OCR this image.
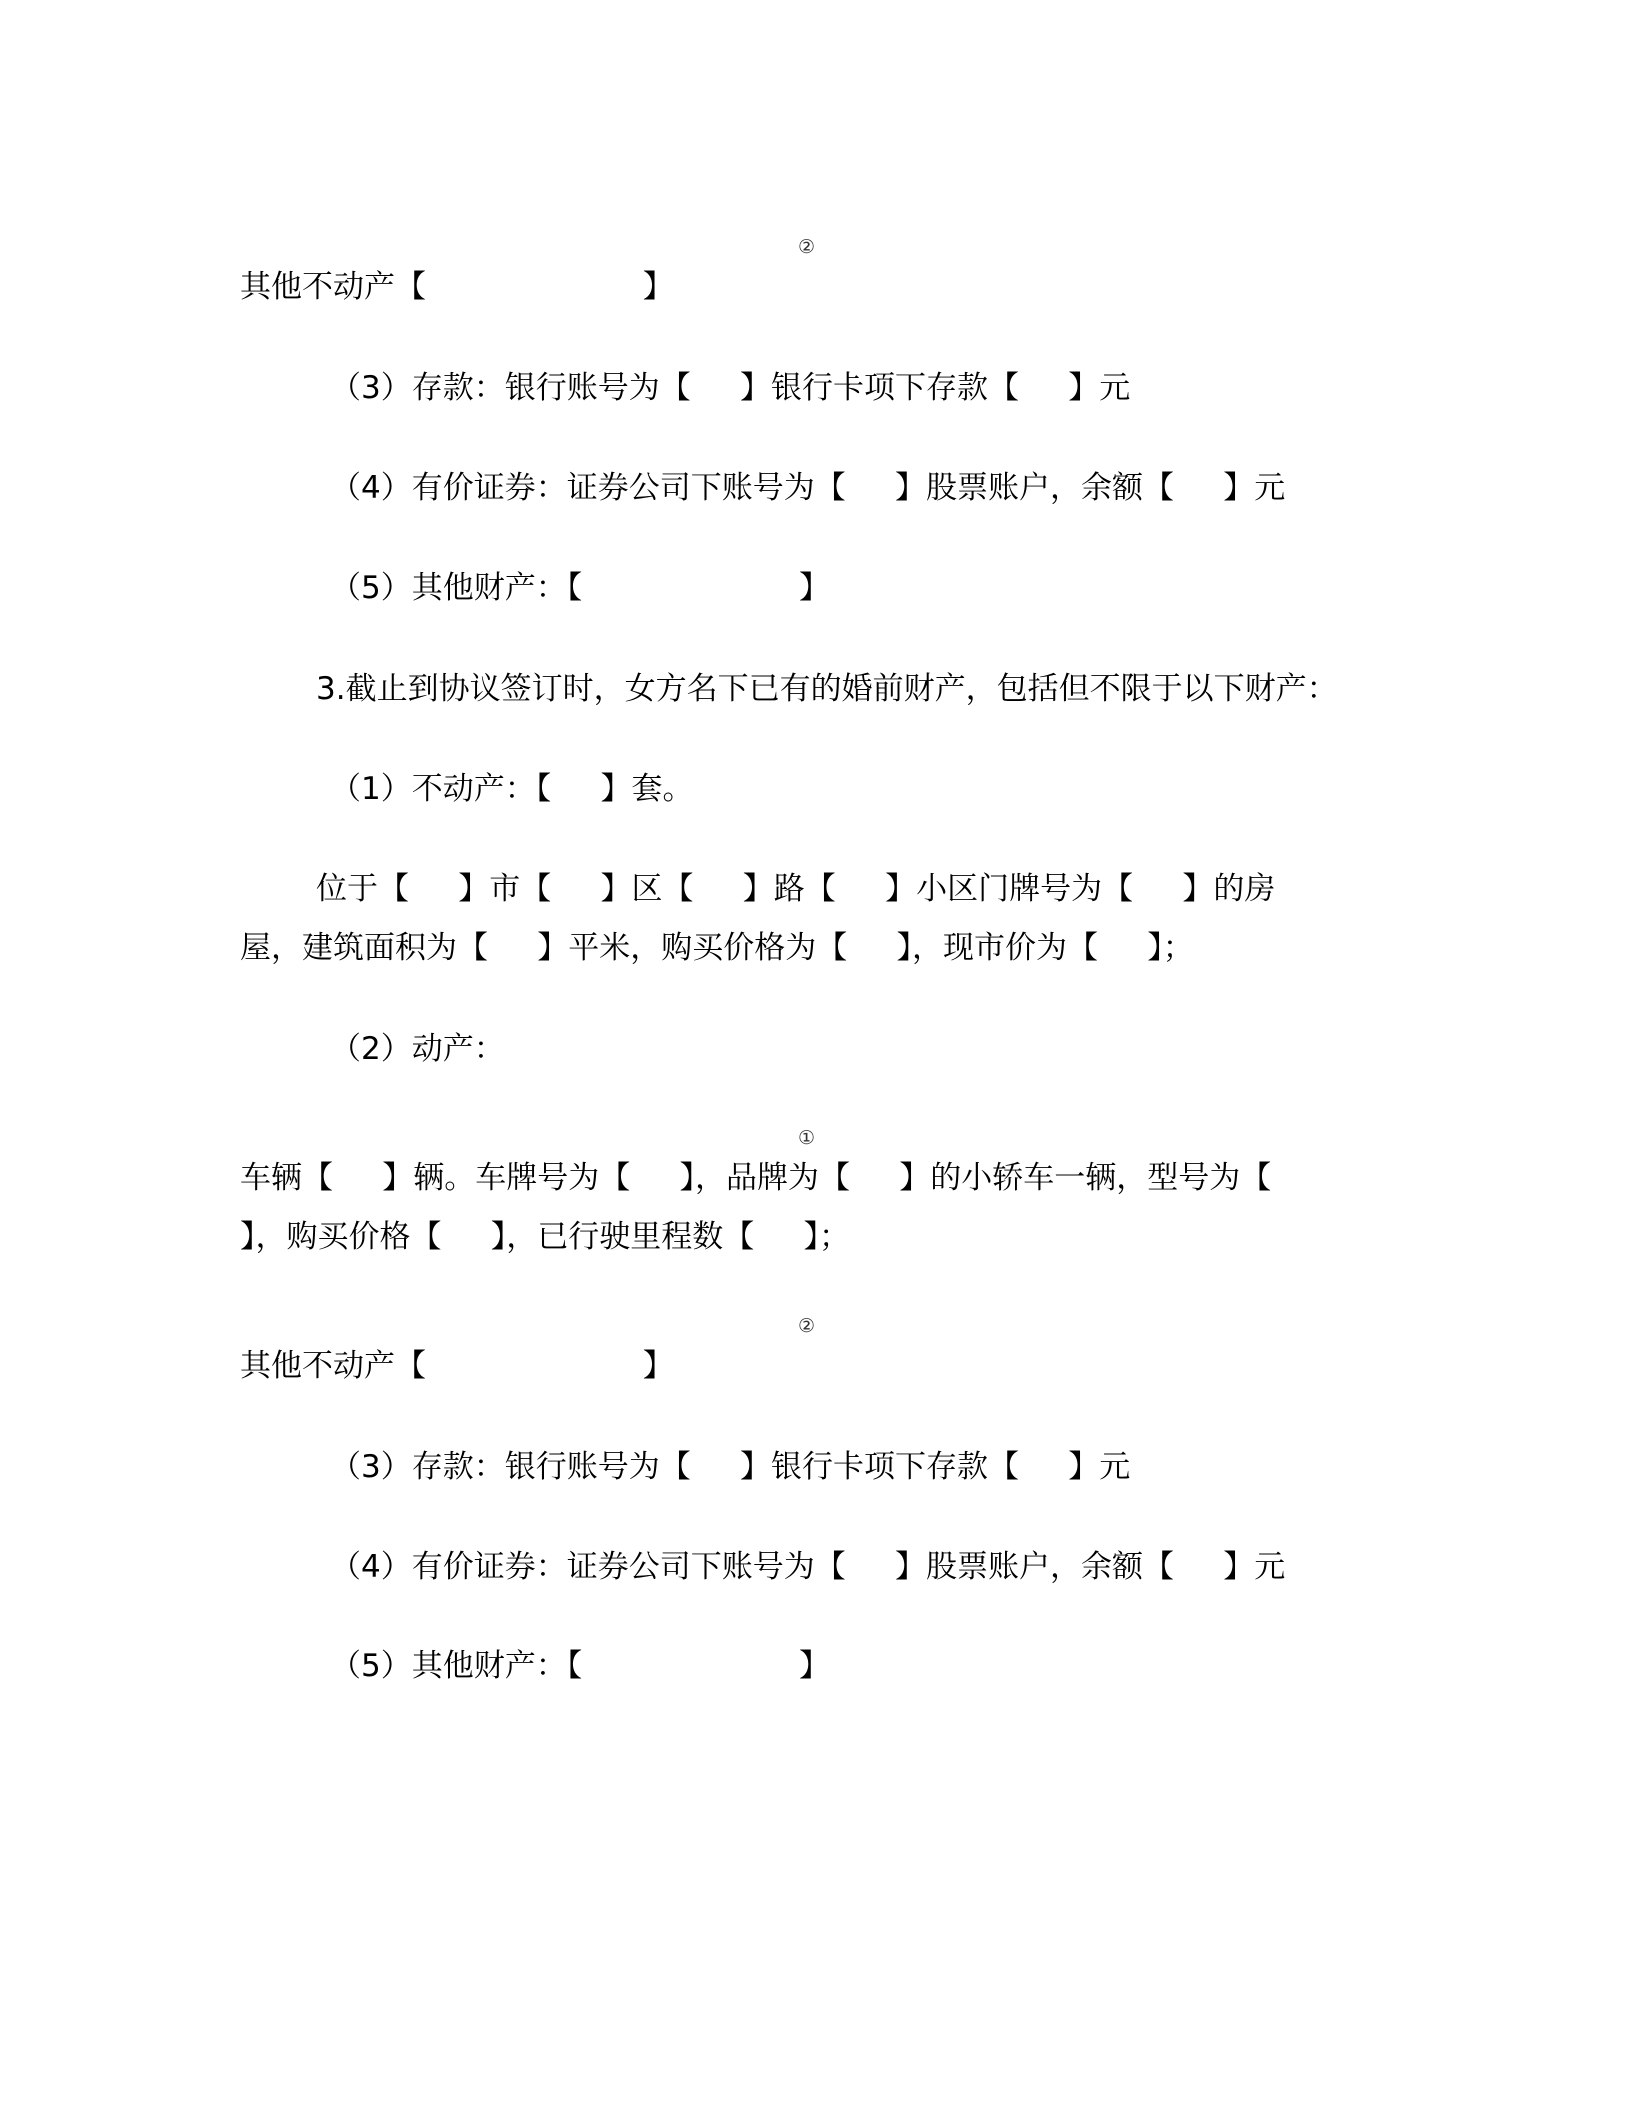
②
其他不动产【                      】
（3）存款：银行账号为【     】银行卡项下存款【     】元
（4）有价证券：证券公司下账号为【     】股票账户，余额【     】元
（5）其他财产：【                      】
3.截止到协议签订时，女方名下已有的婚前财产，包括但不限于以下财产：
（1）不动产：【     】套。
位于【     】市【     】区【     】路【     】小区门牌号为【     】的房
屋，建筑面积为【     】平米，购买价格为【     】，现市价为【     】；
（2）动产：
①
车辆【     】辆。车牌号为【     】，品牌为【     】的小轿车一辆，型号为【
】，购买价格【     】，已行驶里程数【     】；
②
其他不动产【                      】
（3）存款：银行账号为【     】银行卡项下存款【     】元
（4）有价证券：证券公司下账号为【     】股票账户，余额【     】元
（5）其他财产：【                      】
